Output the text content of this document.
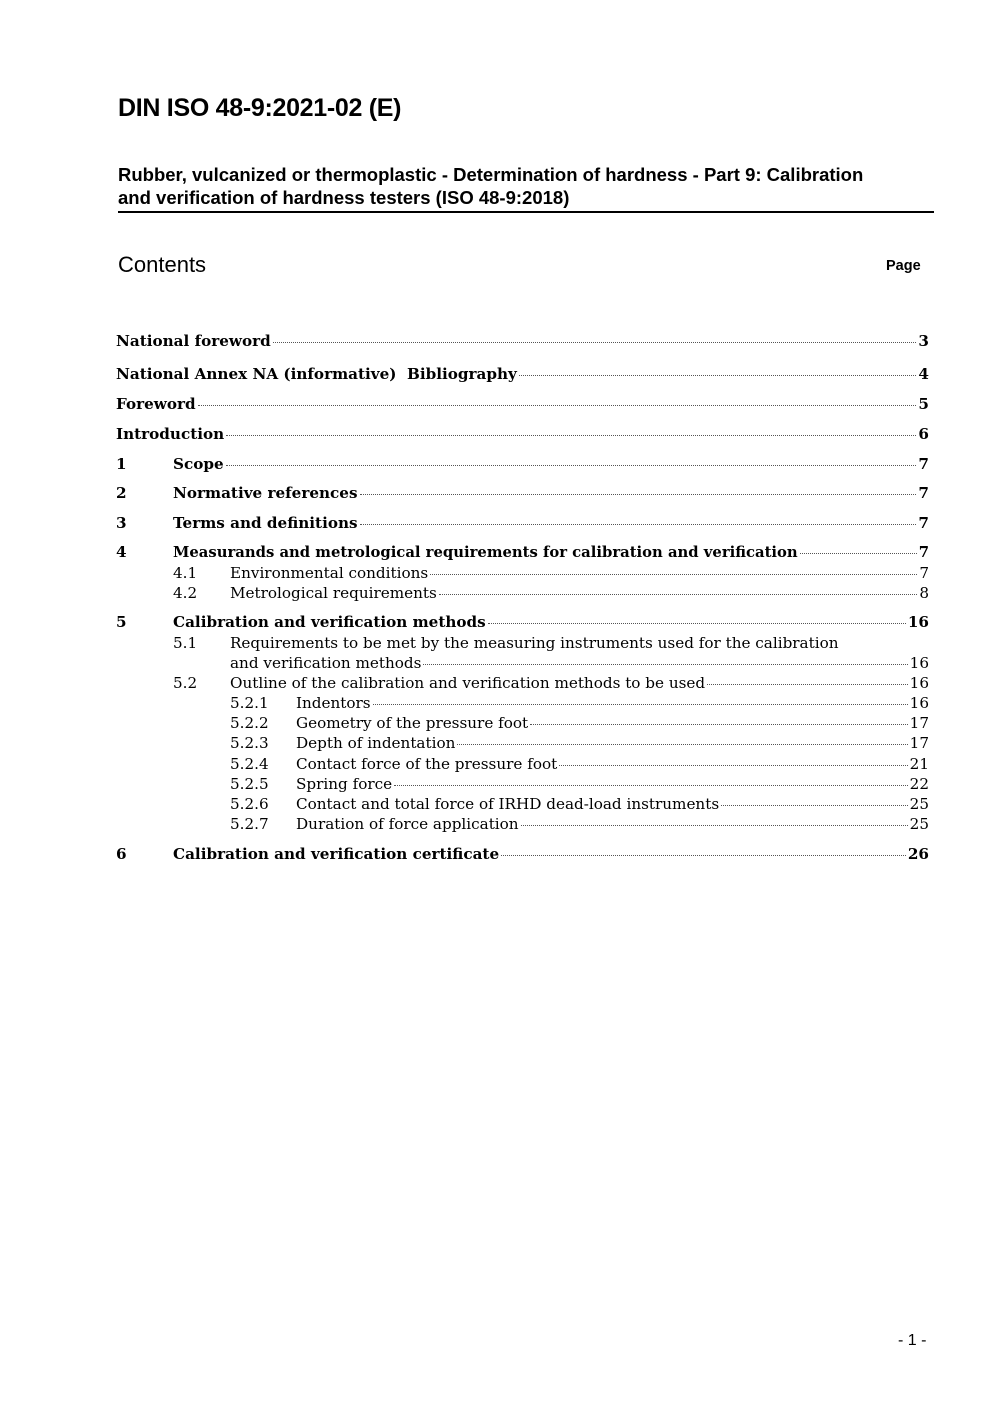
DIN ISO 48-9:2021-02 (E)
Rubber, vulcanized or thermoplastic - Determination of hardness - Part 9: Calibration
and verification of hardness testers (ISO 48-9:2018)
Contents	Page
National foreword	3
National Annex NA (informative)  Bibliography	4
Foreword	5
Introduction	6
1	Scope	7
2	Normative references	7
3	Terms and definitions	7
4	Measurands and metrological requirements for calibration and verification	7
4.1 Environmental conditions	7
4.2 Metrological requirements	8
5	Calibration and verification methods	16
5.1 Requirements to be met by the measuring instruments used for the calibration
and verification methods	16
5.2 Outline of the calibration and verification methods to be used	16
5.2.1 Indentors	16
5.2.2 Geometry of the pressure foot	17
5.2.3 Depth of indentation	17
5.2.4 Contact force of the pressure foot	21
5.2.5 Spring force	22
5.2.6 Contact and total force of IRHD dead-load instruments	25
5.2.7 Duration of force application	25
6	Calibration and verification certificate	26
- 1 -
